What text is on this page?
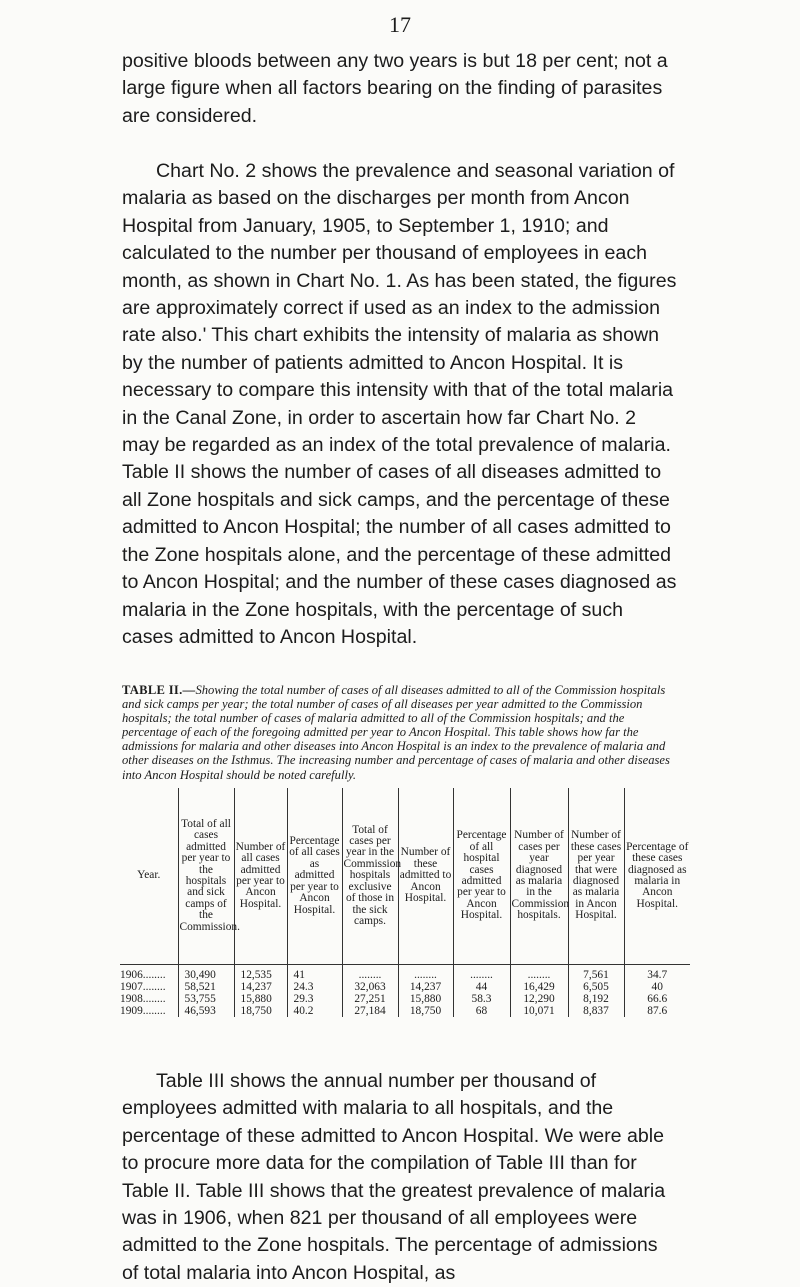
17

positive bloods between any two years is but 18 per cent; not a large figure when all factors bearing on the finding of parasites are considered.

Chart No. 2 shows the prevalence and seasonal variation of malaria as based on the discharges per month from Ancon Hospital from January, 1905, to September 1, 1910; and calculated to the number per thousand of employees in each month, as shown in Chart No. 1. As has been stated, the figures are approximately correct if used as an index to the admission rate also.' This chart exhibits the intensity of malaria as shown by the number of patients admitted to Ancon Hospital. It is necessary to compare this intensity with that of the total malaria in the Canal Zone, in order to ascertain how far Chart No. 2 may be regarded as an index of the total prevalence of malaria. Table II shows the number of cases of all diseases admitted to all Zone hospitals and sick camps, and the percentage of these admitted to Ancon Hospital; the number of all cases admitted to the Zone hospitals alone, and the percentage of these admitted to Ancon Hospital; and the number of these cases diagnosed as malaria in the Zone hospitals, with the percentage of such cases admitted to Ancon Hospital.

TABLE II.—Showing the total number of cases of all diseases admitted to all of the Commission hospitals and sick camps per year; the total number of cases of all diseases per year admitted to the Commission hospitals; the total number of cases of malaria admitted to all of the Commission hospitals; and the percentage of each of the foregoing admitted per year to Ancon Hospital. This table shows how far the admissions for malaria and other diseases into Ancon Hospital is an index to the prevalence of malaria and other diseases on the Isthmus. The increasing number and percentage of cases of malaria and other diseases into Ancon Hospital should be noted carefully.
Year.	Total of all cases admitted per year to the hospitals and sick camps of the Commission.	Number of all cases admitted per year to Ancon Hospital.	Percentage of all cases as admitted per year to Ancon Hospital.	Total of cases per year in the Commission hospitals exclusive of those in the sick camps.	Number of these admitted to Ancon Hospital.	Percentage of all hospital cases admitted per year to Ancon Hospital.	Number of cases per year diagnosed as malaria in the Commission hospitals.	Number of these cases per year that were diagnosed as malaria in Ancon Hospital.	Percentage of these cases diagnosed as malaria in Ancon Hospital.
1906........	30,490	12,535	41	........	........	........	........	7,561	34.7
1907........	58,521	14,237	24.3	32,063	14,237	44	16,429	6,505	40
1908........	53,755	15,880	29.3	27,251	15,880	58.3	12,290	8,192	66.6
1909........	46,593	18,750	40.2	27,184	18,750	68	10,071	8,837	87.6

Table III shows the annual number per thousand of employees admitted with malaria to all hospitals, and the percentage of these admitted to Ancon Hospital. We were able to procure more data for the compilation of Table III than for Table II. Table III shows that the greatest prevalence of malaria was in 1906, when 821 per thousand of all employees were admitted to the Zone hospitals. The percentage of admissions of total malaria into Ancon Hospital, as
